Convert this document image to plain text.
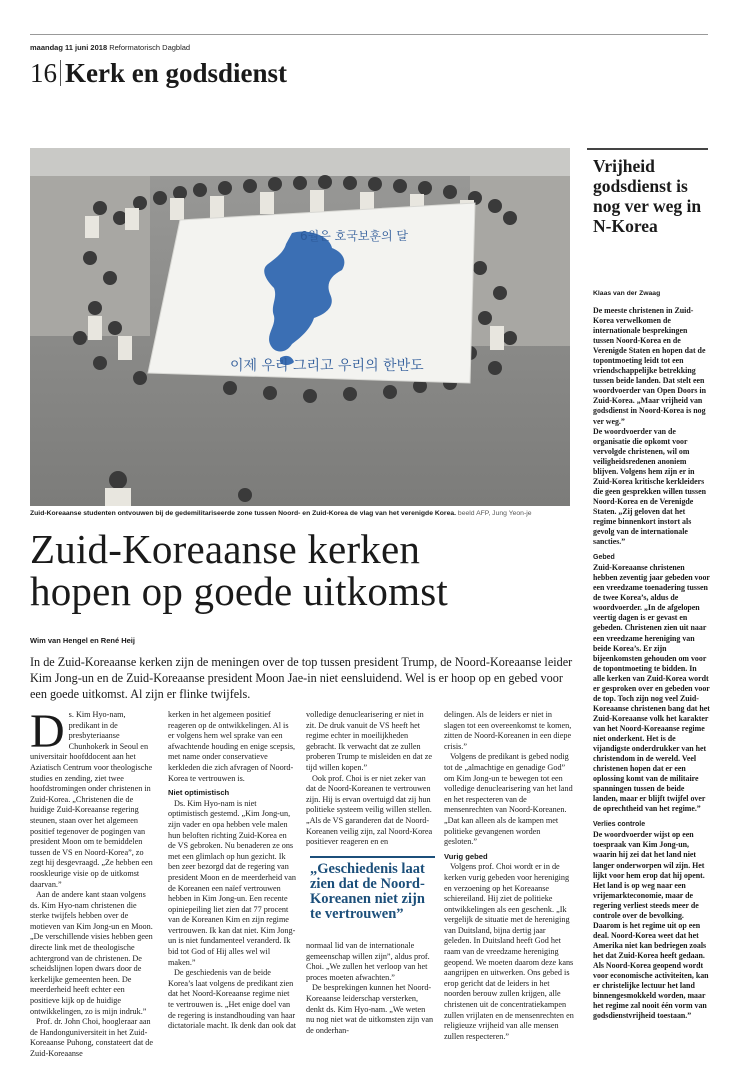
maandag 11 juni 2018 Reformatorisch Dagblad
16 Kerk en godsdienst
6월은 호국보훈의 달
이제 우리 그리고 우리의 한반도
Zuid-Koreaanse studenten ontvouwen bij de gedemilitariseerde zone tussen Noord- en Zuid-Korea de vlag van het verenigde Korea. beeld AFP, Jung Yeon-je
Zuid-Koreaanse kerken
hopen op goede uitkomst
Wim van Hengel en René Heij
In de Zuid-Koreaanse kerken zijn de meningen over de top tussen president Trump, de Noord-Koreaanse leider Kim Jong-un en de Zuid-Koreaanse president Moon Jae-in niet eensluidend. Wel is er hoop op en gebed voor een goede uitkomst. Al zijn er flinke twijfels.

Ds. Kim Hyo-nam, predikant in de presbyteriaanse Chunhokerk in Seoul en universitair hoofddocent aan het Aziatisch Centrum voor theologische studies en zending, ziet twee hoofdstromingen onder christenen in Zuid-Korea. „Christenen die de huidige Zuid-Koreaanse regering steunen, staan over het algemeen positief tegenover de pogingen van president Moon om te bemiddelen tussen de VS en Noord-Korea”, zo zegt hij desgevraagd. „Ze hebben een rooskleurige visie op de uitkomst daarvan.”

Aan de andere kant staan volgens ds. Kim Hyo-nam christenen die sterke twijfels hebben over de motieven van Kim Jong-un en Moon. „De verschillende visies hebben geen directe link met de theologische achtergrond van de christenen. De scheidslijnen lopen dwars door de kerkelijke gemeenten heen. De meerderheid heeft echter een positieve kijk op de huidige ontwikkelingen, zo is mijn indruk.”

Prof. dr. John Choi, hoogleraar aan de Handonguniversiteit in het Zuid-Koreaanse Puhong, constateert dat de Zuid-Koreaanse

kerken in het algemeen positief reageren op de ontwikkelingen. Al is er volgens hem wel sprake van een afwachtende houding en enige scepsis, met name onder conservatieve kerkleden die zich afvragen of Noord-Korea te vertrouwen is.

Niet optimistisch

Ds. Kim Hyo-nam is niet optimistisch gestemd. „Kim Jong-un, zijn vader en opa hebben vele malen hun beloften richting Zuid-Korea en de VS gebroken. Nu benaderen ze ons met een glimlach op hun gezicht. Ik ben zeer bezorgd dat de regering van president Moon en de meerderheid van de Koreanen een naïef vertrouwen hebben in Kim Jong-un. Een recente opiniepeiling liet zien dat 77 procent van de Koreanen Kim en zijn regime vertrouwen. Ik kan dat niet. Kim Jong-un is niet fundamenteel veranderd. Ik bid tot God of Hij alles wel wil maken.”

De geschiedenis van de beide Korea’s laat volgens de predikant zien dat het Noord-Koreaanse regime niet te vertrouwen is. „Het enige doel van de regering is instandhouding van haar dictatoriale macht. Ik denk dan ook dat

volledige denuclearisering er niet in zit. De druk vanuit de VS heeft het regime echter in moeilijkheden gebracht. Ik verwacht dat ze zullen proberen Trump te misleiden en dat ze tijd willen kopen.”

Ook prof. Choi is er niet zeker van dat de Noord-Koreanen te vertrouwen zijn. Hij is ervan overtuigd dat zij hun politieke systeem veilig willen stellen. „Als de VS garanderen dat de Noord-Koreanen veilig zijn, zal Noord-Korea positiever reageren en en

„Geschiedenis laat zien dat de Noord-Koreanen niet zijn te vertrouwen”

normaal lid van de internationale gemeenschap willen zijn”, aldus prof. Choi. „We zullen het verloop van het proces moeten afwachten.”

De besprekingen kunnen het Noord-Koreaanse leiderschap versterken, denkt ds. Kim Hyo-nam. „We weten nu nog niet wat de uitkomsten zijn van de onderhan-

delingen. Als de leiders er niet in slagen tot een overeenkomst te komen, zitten de Noord-Koreanen in een diepe crisis.”

Volgens de predikant is gebed nodig tot de „almachtige en genadige God” om Kim Jong-un te bewegen tot een volledige denuclearisering van het land en het respecteren van de mensenrechten van Noord-Koreanen. „Dat kan alleen als de kampen met politieke gevangenen worden gesloten.”

Vurig gebed

Volgens prof. Choi wordt er in de kerken vurig gebeden voor hereniging en verzoening op het Koreaanse schiereiland. Hij ziet de politieke ontwikkelingen als een geschenk. „Ik vergelijk de situatie met de hereniging van Duitsland, bijna dertig jaar geleden. In Duitsland heeft God het raam van de vreedzame hereniging geopend. We moeten daarom deze kans aangrijpen en uitwerken. Ons gebed is erop gericht dat de leiders in het noorden berouw zullen krijgen, alle christenen uit de concentratiekampen zullen vrijlaten en de mensenrechten en religieuze vrijheid van alle mensen zullen respecteren.”

Vrijheid godsdienst is nog ver weg in N-Korea
Klaas van der Zwaag

De meeste christenen in Zuid-Korea verwelkomen de internationale besprekingen tussen Noord-Korea en de Verenigde Staten en hopen dat de topontmoeting leidt tot een vriendschappelijke betrekking tussen beide landen. Dat stelt een woordvoerder van Open Doors in Zuid-Korea. „Maar vrijheid van godsdienst in Noord-Korea is nog ver weg.”

De woordvoerder van de organisatie die opkomt voor vervolgde christenen, wil om veiligheidsredenen anoniem blijven. Volgens hem zijn er in Zuid-Korea kritische kerkleiders die geen gesprekken willen tussen Noord-Korea en de Verenigde Staten. „Zij geloven dat het regime binnenkort instort als gevolg van de internationale sancties.”

Gebed

Zuid-Koreaanse christenen hebben zeventig jaar gebeden voor een vreedzame toenadering tussen de twee Korea’s, aldus de woordvoerder. „In de afgelopen veertig dagen is er gevast en gebeden. Christenen zien uit naar een vreedzame hereniging van beide Korea’s. Er zijn bijeenkomsten gehouden om voor de topontmoeting te bidden. In alle kerken van Zuid-Korea wordt er gesproken over en gebeden voor de top. Toch zijn nog veel Zuid-Koreaanse christenen bang dat het Zuid-Koreaanse volk het karakter van het Noord-Koreaanse regime niet onderkent. Het is de vijandigste onderdrukker van het christendom in de wereld. Veel christenen hopen dat er een oplossing komt van de militaire spanningen tussen de beide landen, maar er blijft twijfel over de oprechtheid van het regime.”

Verlies controle

De woordvoerder wijst op een toespraak van Kim Jong-un, waarin hij zei dat het land niet langer onderworpen wil zijn. Het lijkt voor hem erop dat hij opent. Het land is op weg naar een vrijemarkteconomie, maar de regering verliest steeds meer de controle over de bevolking. Daarom is het regime uit op een deal. Noord-Korea weet dat het Amerika niet kan bedriegen zoals het dat Zuid-Korea heeft gedaan. Als Noord-Korea geopend wordt voor economische activiteiten, kan er christelijke lectuur het land binnengesmokkeld worden, maar het regime zal nooit één vorm van godsdienstvrijheid toestaan.”
